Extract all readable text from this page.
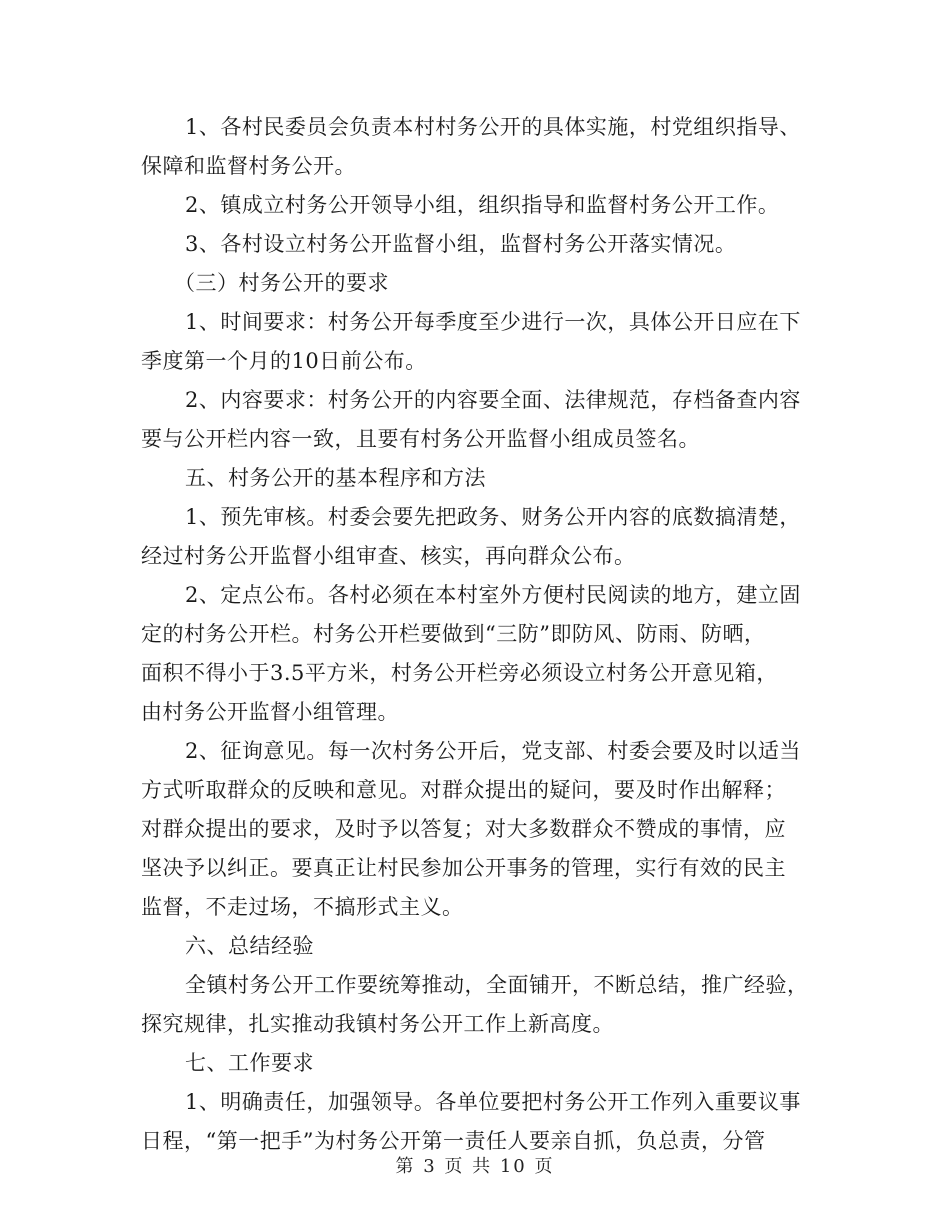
1、各村民委员会负责本村村务公开的具体实施，村党组织指导、
保障和监督村务公开。
2、镇成立村务公开领导小组，组织指导和监督村务公开工作。
3、各村设立村务公开监督小组，监督村务公开落实情况。
（三）村务公开的要求
1、时间要求：村务公开每季度至少进行一次，具体公开日应在下
季度第一个月的10日前公布。
2、内容要求：村务公开的内容要全面、法律规范，存档备查内容
要与公开栏内容一致，且要有村务公开监督小组成员签名。
五、村务公开的基本程序和方法
1、预先审核。村委会要先把政务、财务公开内容的底数搞清楚，
经过村务公开监督小组审查、核实，再向群众公布。
2、定点公布。各村必须在本村室外方便村民阅读的地方，建立固
定的村务公开栏。村务公开栏要做到“三防”即防风、防雨、防晒，
面积不得小于3.5平方米，村务公开栏旁必须设立村务公开意见箱，
由村务公开监督小组管理。
2、征询意见。每一次村务公开后，党支部、村委会要及时以适当
方式听取群众的反映和意见。对群众提出的疑问，要及时作出解释；
对群众提出的要求，及时予以答复；对大多数群众不赞成的事情，应
坚决予以纠正。要真正让村民参加公开事务的管理，实行有效的民主
监督，不走过场，不搞形式主义。
六、总结经验
全镇村务公开工作要统筹推动，全面铺开，不断总结，推广经验，
探究规律，扎实推动我镇村务公开工作上新高度。
七、工作要求
1、明确责任，加强领导。各单位要把村务公开工作列入重要议事
日程，“第一把手”为村务公开第一责任人要亲自抓，负总责，分管
第 3 页 共 10 页
